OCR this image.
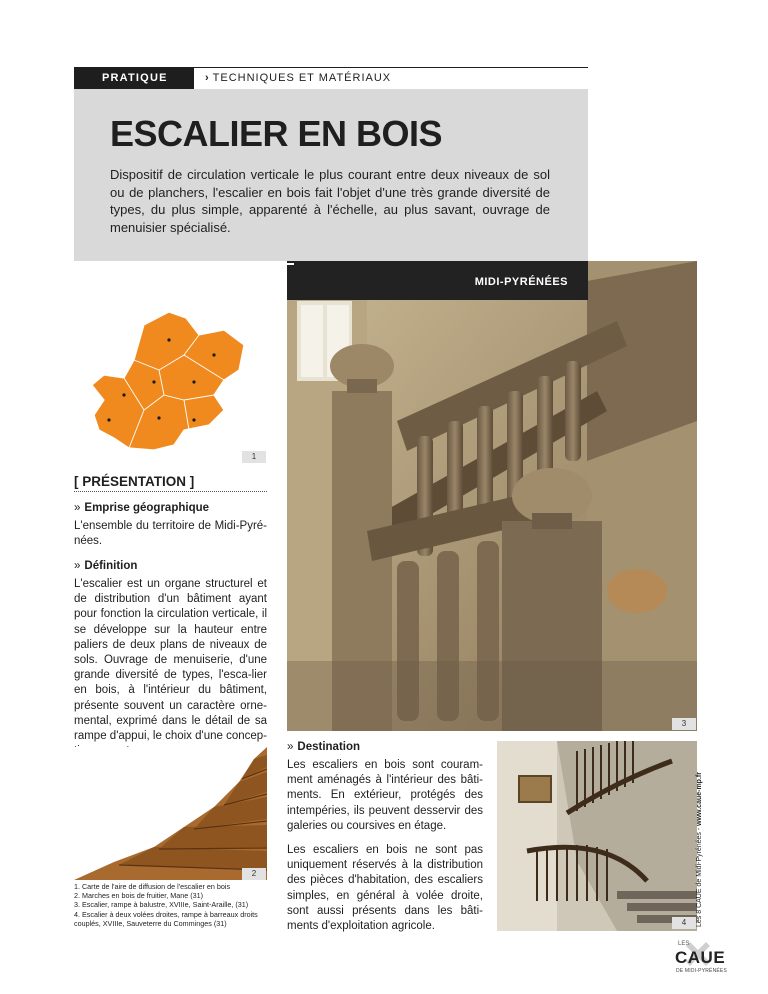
PRATIQUE	› TECHNIQUES ET MATÉRIAUX
ESCALIER EN BOIS
Dispositif de circulation verticale le plus courant entre deux niveaux de sol ou de planchers, l'escalier en bois fait l'objet d'une très grande diversité de types, du plus simple, apparenté à l'échelle, au plus savant, ouvrage de menuisier spécialisé.
MIDI-PYRÉNÉES
3
1
[ PRÉSENTATION ]
» Emprise géographique
L'ensemble du territoire de Midi-Pyré-nées.
» Définition
L'escalier est un organe structurel et de distribution d'un bâtiment ayant pour fonction la circulation verticale, il se développe sur la hauteur entre paliers de deux plans de niveaux de sols. Ouvrage de menuiserie, d'une grande diversité de types, l'esca-lier en bois, à l'intérieur du bâtiment, présente souvent un caractère orne-mental, exprimé dans le détail de sa rampe d'appui, le choix d'une concep-
» Destination
Les escaliers en bois sont couram-ment aménagés à l'intérieur des bâti-ments. En extérieur, protégés des intempéries, ils peuvent desservir des galeries ou coursives en étage.
Les escaliers en bois ne sont pas uniquement réservés à la distribution des pièces d'habitation, des escaliers simples, en général à volée droite, sont aussi présents dans les bâti-ments d'exploitation agricole.
2
1. Carte de l'aire de diffusion de l'escalier en bois
2. Marches en bois de fruitier, Mane (31)
3. Escalier, rampe à balustre, XVIIIe, Saint-Araille, (31)
4. Escalier à deux volées droites, rampe à barreaux droits couplés, XVIIIe, Sauveterre du Comminges (31)	4	Les 8 CAUE de Midi-Pyrénées - www.caue-mp.fr
LES
CAUE
DE MIDI-PYRÉNÉES
